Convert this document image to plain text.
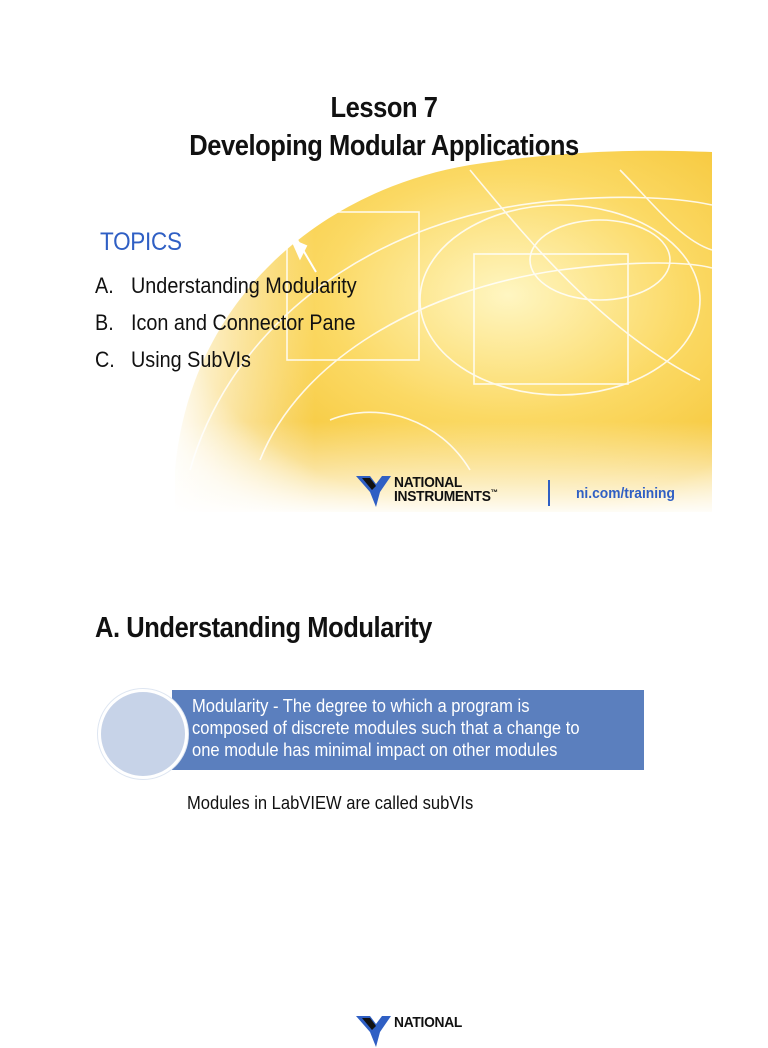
Lesson 7
Developing Modular Applications
TOPICS
A. Understanding Modularity
B. Icon and Connector Pane
C. Using SubVIs
NATIONAL
INSTRUMENTS™	ni.com/training
A. Understanding Modularity
Modularity - The degree to which a program is composed of discrete modules such that a change to one module has minimal impact on other modules
Modules in LabVIEW are called subVIs
NATIONAL
